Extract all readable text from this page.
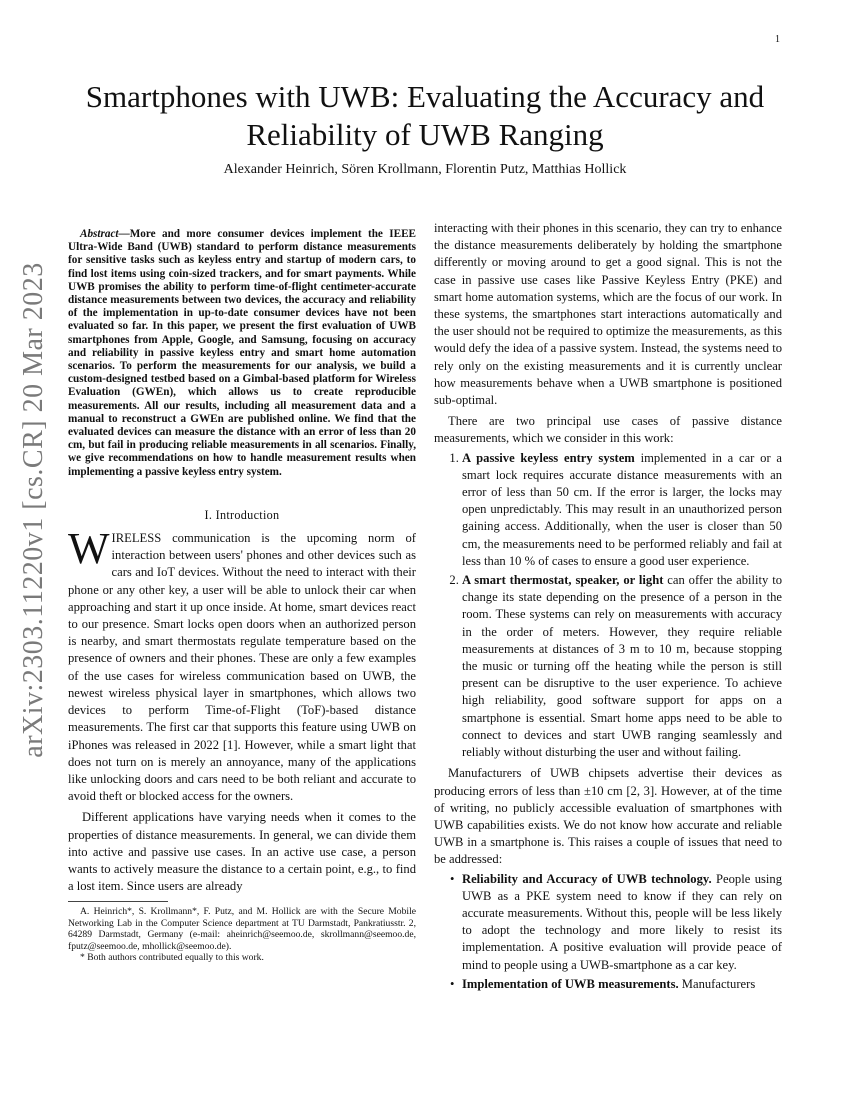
1
arXiv:2303.11220v1 [cs.CR] 20 Mar 2023
Smartphones with UWB: Evaluating the Accuracy and Reliability of UWB Ranging
Alexander Heinrich, Sören Krollmann, Florentin Putz, Matthias Hollick

Abstract—More and more consumer devices implement the IEEE Ultra-Wide Band (UWB) standard to perform distance measurements for sensitive tasks such as keyless entry and startup of modern cars, to find lost items using coin-sized trackers, and for smart payments. While UWB promises the ability to perform time-of-flight centimeter-accurate distance measurements between two devices, the accuracy and reliability of the implementation in up-to-date consumer devices have not been evaluated so far. In this paper, we present the first evaluation of UWB smartphones from Apple, Google, and Samsung, focusing on accuracy and reliability in passive keyless entry and smart home automation scenarios. To perform the measurements for our analysis, we build a custom-designed testbed based on a Gimbal-based platform for Wireless Evaluation (GWEn), which allows us to create reproducible measurements. All our results, including all measurement data and a manual to reconstruct a GWEn are published online. We find that the evaluated devices can measure the distance with an error of less than 20 cm, but fail in producing reliable measurements in all scenarios. Finally, we give recommendations on how to handle measurement results when implementing a passive keyless entry system.

I. Introduction

WIRELESS communication is the upcoming norm of interaction between users' phones and other devices such as cars and IoT devices. Without the need to interact with their phone or any other key, a user will be able to unlock their car when approaching and start it up once inside. At home, smart devices react to our presence. Smart locks open doors when an authorized person is nearby, and smart thermostats regulate temperature based on the presence of owners and their phones. These are only a few examples of the use cases for wireless communication based on UWB, the newest wireless physical layer in smartphones, which allows two devices to perform Time-of-Flight (ToF)-based distance measurements. The first car that supports this feature using UWB on iPhones was released in 2022 [1]. However, while a smart light that does not turn on is merely an annoyance, many of the applications like unlocking doors and cars need to be both reliant and accurate to avoid theft or blocked access for the owners.

Different applications have varying needs when it comes to the properties of distance measurements. In general, we can divide them into active and passive use cases. In an active use case, a person wants to actively measure the distance to a certain point, e.g., to find a lost item. Since users are already

A. Heinrich*, S. Krollmann*, F. Putz, and M. Hollick are with the Secure Mobile Networking Lab in the Computer Science department at TU Darmstadt, Pankratiusstr. 2, 64289 Darmstadt, Germany (e-mail: aheinrich@seemoo.de, skrollmann@seemoo.de, fputz@seemoo.de, mhollick@seemoo.de).

* Both authors contributed equally to this work.

interacting with their phones in this scenario, they can try to enhance the distance measurements deliberately by holding the smartphone differently or moving around to get a good signal. This is not the case in passive use cases like Passive Keyless Entry (PKE) and smart home automation systems, which are the focus of our work. In these systems, the smartphones start interactions automatically and the user should not be required to optimize the measurements, as this would defy the idea of a passive system. Instead, the systems need to rely only on the existing measurements and it is currently unclear how measurements behave when a UWB smartphone is positioned sub-optimal.

There are two principal use cases of passive distance measurements, which we consider in this work:

1. A passive keyless entry system implemented in a car or a smart lock requires accurate distance measurements with an error of less than 50 cm. If the error is larger, the locks may open unpredictably. This may result in an unauthorized person gaining access. Additionally, when the user is closer than 50 cm, the measurements need to be performed reliably and fail at less than 10 % of cases to ensure a good user experience.
2. A smart thermostat, speaker, or light can offer the ability to change its state depending on the presence of a person in the room. These systems can rely on measurements with accuracy in the order of meters. However, they require reliable measurements at distances of 3 m to 10 m, because stopping the music or turning off the heating while the person is still present can be disruptive to the user experience. To achieve high reliability, good software support for apps on a smartphone is essential. Smart home apps need to be able to connect to devices and start UWB ranging seamlessly and reliably without disturbing the user and without failing.

Manufacturers of UWB chipsets advertise their devices as producing errors of less than ±10 cm [2, 3]. However, at of the time of writing, no publicly accessible evaluation of smartphones with UWB capabilities exists. We do not know how accurate and reliable UWB in a smartphone is. This raises a couple of issues that need to be addressed:

• Reliability and Accuracy of UWB technology. People using UWB as a PKE system need to know if they can rely on accurate measurements. Without this, people will be less likely to adopt the technology and more likely to resist its implementation. A positive evaluation will provide peace of mind to people using a UWB-smartphone as a car key.
• Implementation of UWB measurements. Manufacturers
